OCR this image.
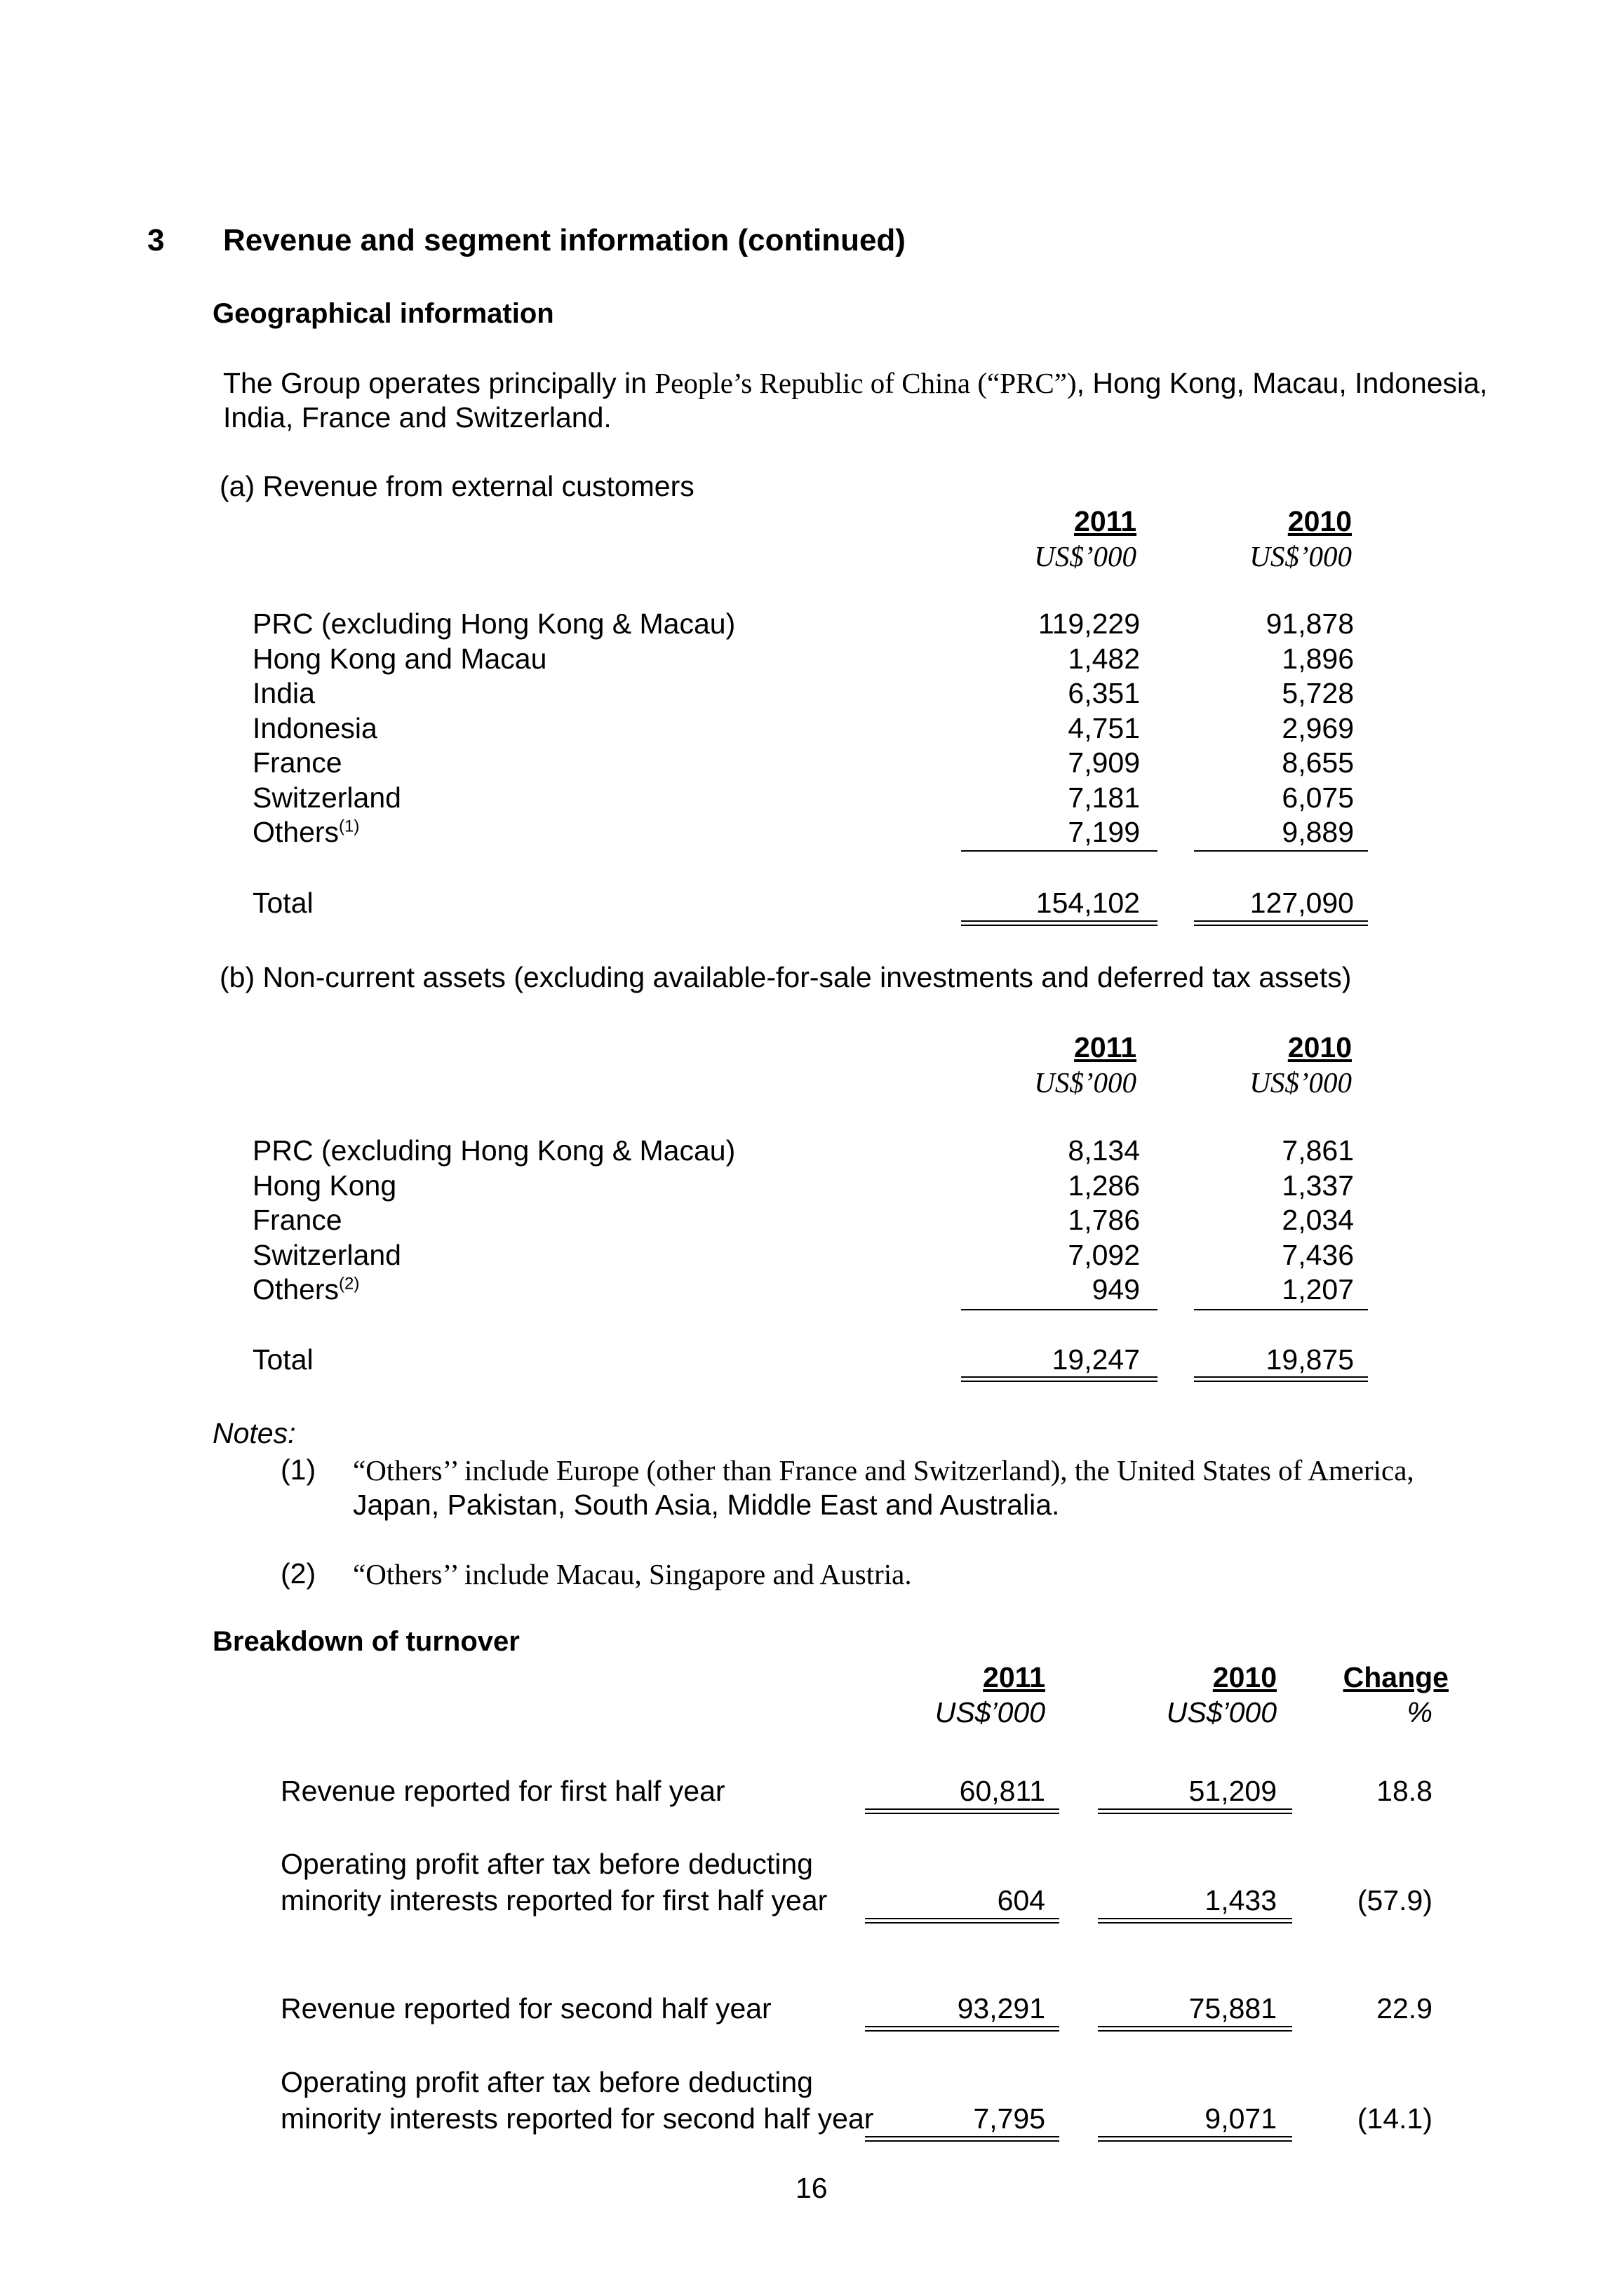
3 Revenue and segment information (continued)
Geographical information
The Group operates principally in People’s Republic of China (“PRC”), Hong Kong, Macau, Indonesia,
India, France and Switzerland.
(a) Revenue from external customers
2011	2010
US$’000	US$’000
PRC (excluding Hong Kong & Macau)	119,229	91,878
Hong Kong and Macau	1,482	1,896
India	6,351	5,728
Indonesia	4,751	2,969
France	7,909	8,655
Switzerland	7,181	6,075
Others$^{(1)}$	7,199	9,889
Total	154,102	127,090
(b) Non-current assets (excluding available-for-sale investments and deferred tax assets)
2011	2010
US$’000	US$’000
PRC (excluding Hong Kong & Macau)	8,134	7,861
Hong Kong	1,286	1,337
France	1,786	2,034
Switzerland	7,092	7,436
Others$^{(2)}$	949	1,207
Total	19,247	19,875
Notes:
(1) “Others’’ include Europe (other than France and Switzerland), the United States of America,
Japan, Pakistan, South Asia, Middle East and Australia.
(2) “Others’’ include Macau, Singapore and Austria.
Breakdown of turnover
2011	2010	Change
US$’000	US$’000	%
Revenue reported for first half year	60,811	51,209	18.8
Operating profit after tax before deducting
minority interests reported for first half year	604	1,433	(57.9)
Revenue reported for second half year	93,291	75,881	22.9
Operating profit after tax before deducting
minority interests reported for second half year	7,795	9,071	(14.1)
16
